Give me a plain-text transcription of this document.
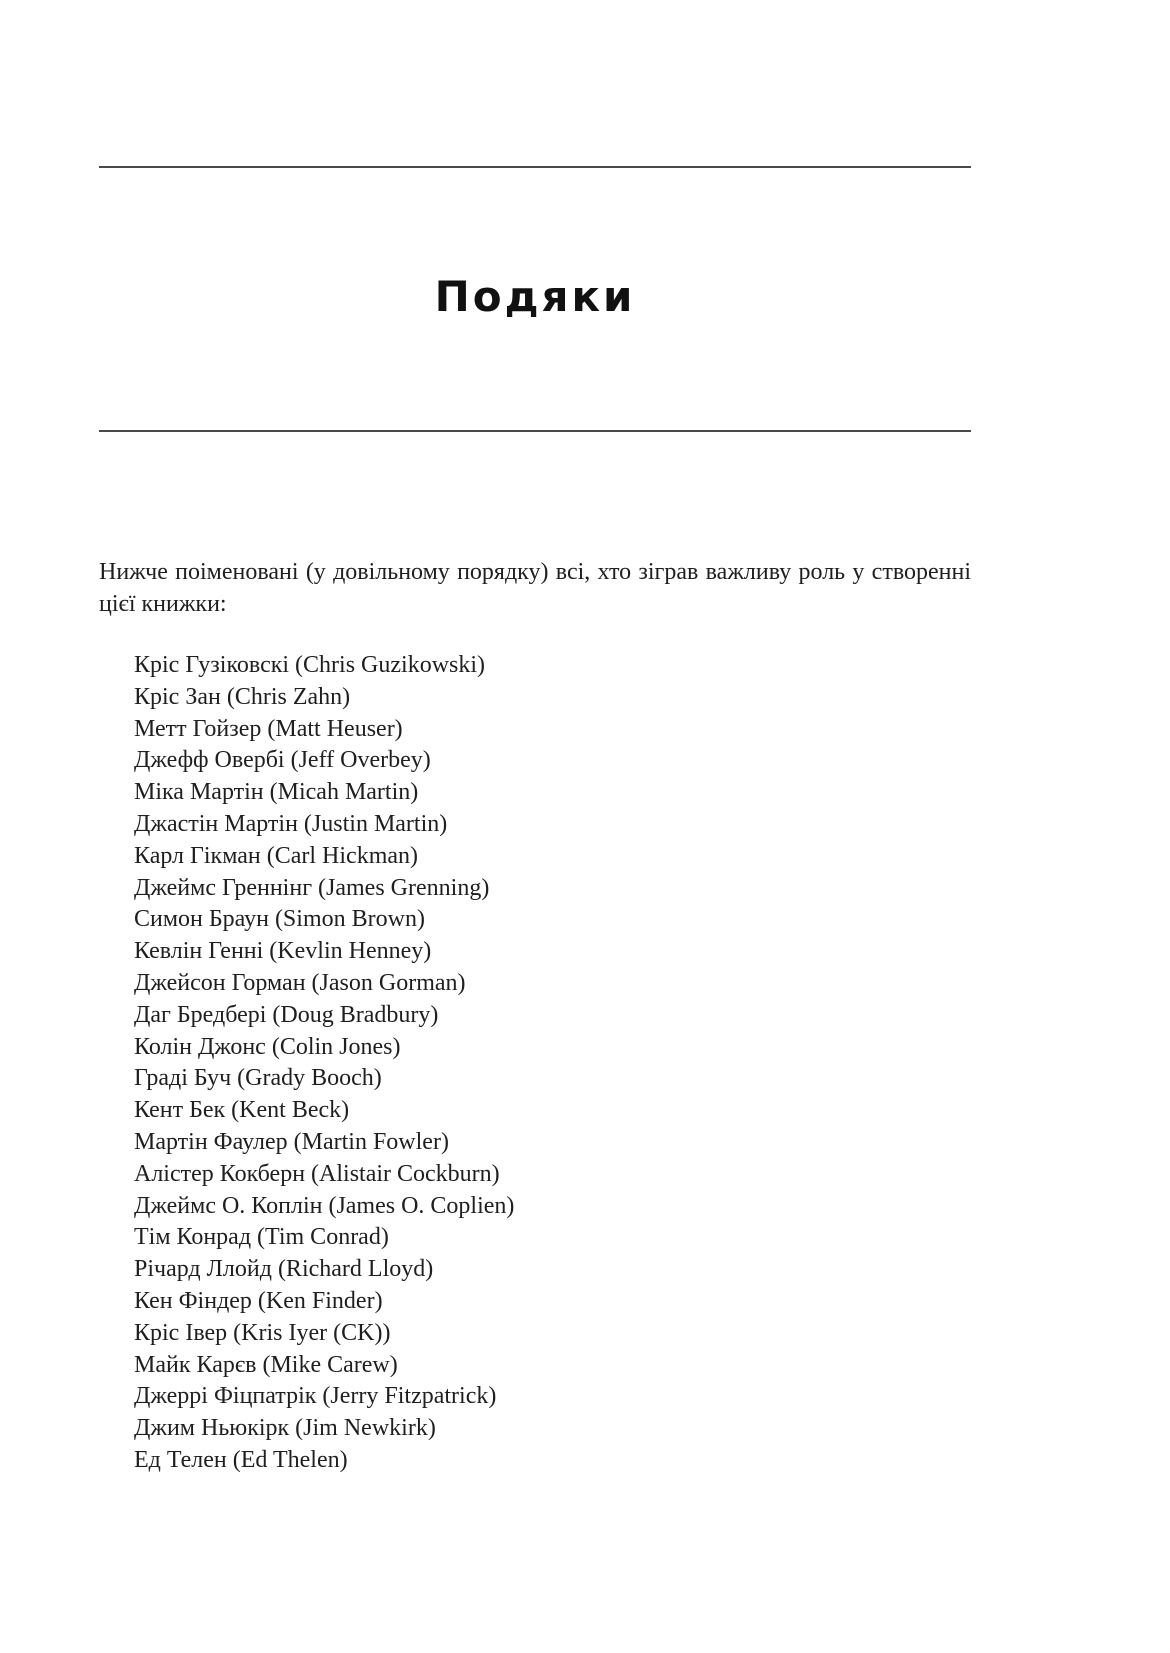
Подяки

Нижче поіменовані (у довільному порядку) всі, хто зіграв важливу роль у створенні цієї книжки:

Кріс Гузіковскі (Chris Guzikowski)
Кріс Зан (Chris Zahn)
Метт Гойзер (Matt Heuser)
Джефф Овербі (Jeff Overbey)
Міка Мартін (Micah Martin)
Джастін Мартін (Justin Martin)
Карл Гікман (Carl Hickman)
Джеймс Греннінг (James Grenning)
Симон Браун (Simon Brown)
Кевлін Генні (Kevlin Henney)
Джейсон Горман (Jason Gorman)
Даг Бредбері (Doug Bradbury)
Колін Джонс (Colin Jones)
Граді Буч (Grady Booch)
Кент Бек (Kent Beck)
Мартін Фаулер (Martin Fowler)
Алістер Кокберн (Alistair Cockburn)
Джеймс О. Коплін (James O. Coplien)
Тім Конрад (Tim Conrad)
Річард Ллойд (Richard Lloyd)
Кен Фіндер (Ken Finder)
Кріс Івер (Kris Iyer (CK))
Майк Карєв (Mike Carew)
Джеррі Фіцпатрік (Jerry Fitzpatrick)
Джим Ньюкірк (Jim Newkirk)
Ед Телен (Ed Thelen)
